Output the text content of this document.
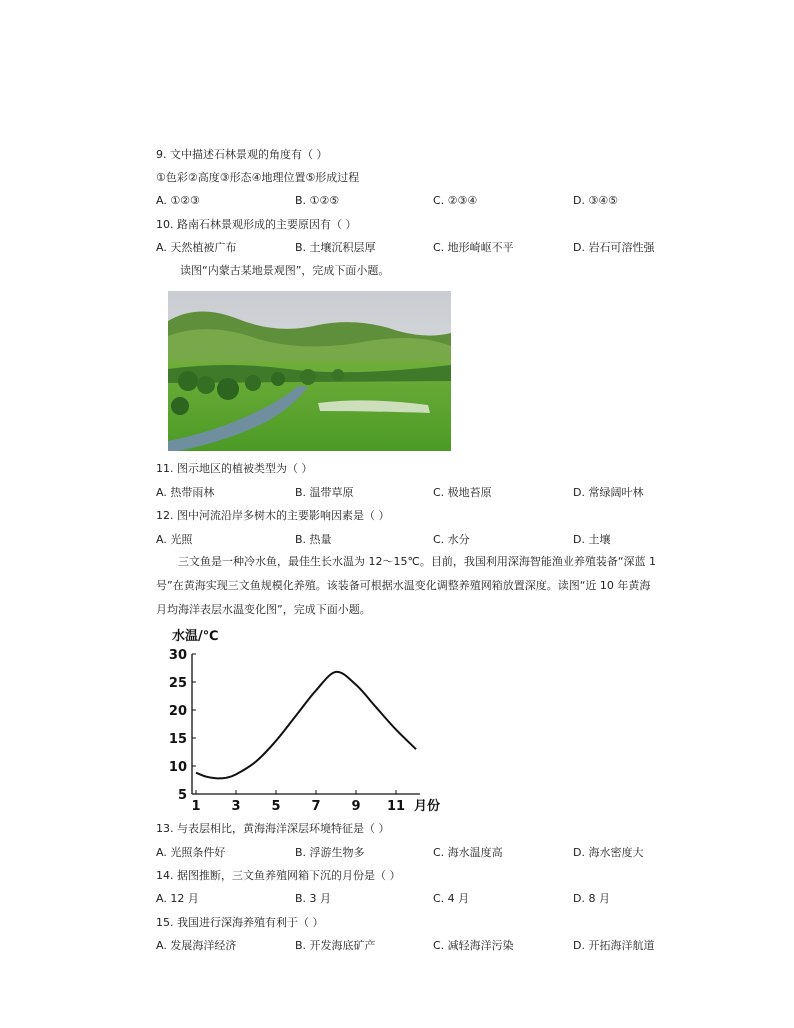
9. 文中描述石林景观的角度有（ ）
①色彩②高度③形态④地理位置⑤形成过程
A. ①②③	B. ①②⑤	C. ②③④	D. ③④⑤
10. 路南石林景观形成的主要原因有（ ）
A. 天然植被广布	B. 土壤沉积层厚	C. 地形崎岖不平	D. 岩石可溶性强
读图“内蒙古某地景观图”，完成下面小题。
11. 图示地区的植被类型为（ ）
A. 热带雨林	B. 温带草原	C. 极地苔原	D. 常绿阔叶林
12. 图中河流沿岸多树木的主要影响因素是（ ）
A. 光照	B. 热量	C. 水分	D. 土壤
三文鱼是一种冷水鱼，最佳生长水温为 12～15℃。目前，我国利用深海智能渔业养殖装备“深蓝 1
号”在黄海实现三文鱼规模化养殖。该装备可根据水温变化调整养殖网箱放置深度。读图“近 10 年黄海
月均海洋表层水温变化图”，完成下面小题。
水温/℃
5
10
15
20
25
30
1 3 5 7 9 11 月份
13. 与表层相比，黄海海洋深层环境特征是（ ）
A. 光照条件好	B. 浮游生物多	C. 海水温度高	D. 海水密度大
14. 据图推断，三文鱼养殖网箱下沉的月份是（ ）
A. 12 月	B. 3 月	C. 4 月	D. 8 月
15. 我国进行深海养殖有利于（ ）
A. 发展海洋经济	B. 开发海底矿产	C. 减轻海洋污染	D. 开拓海洋航道
